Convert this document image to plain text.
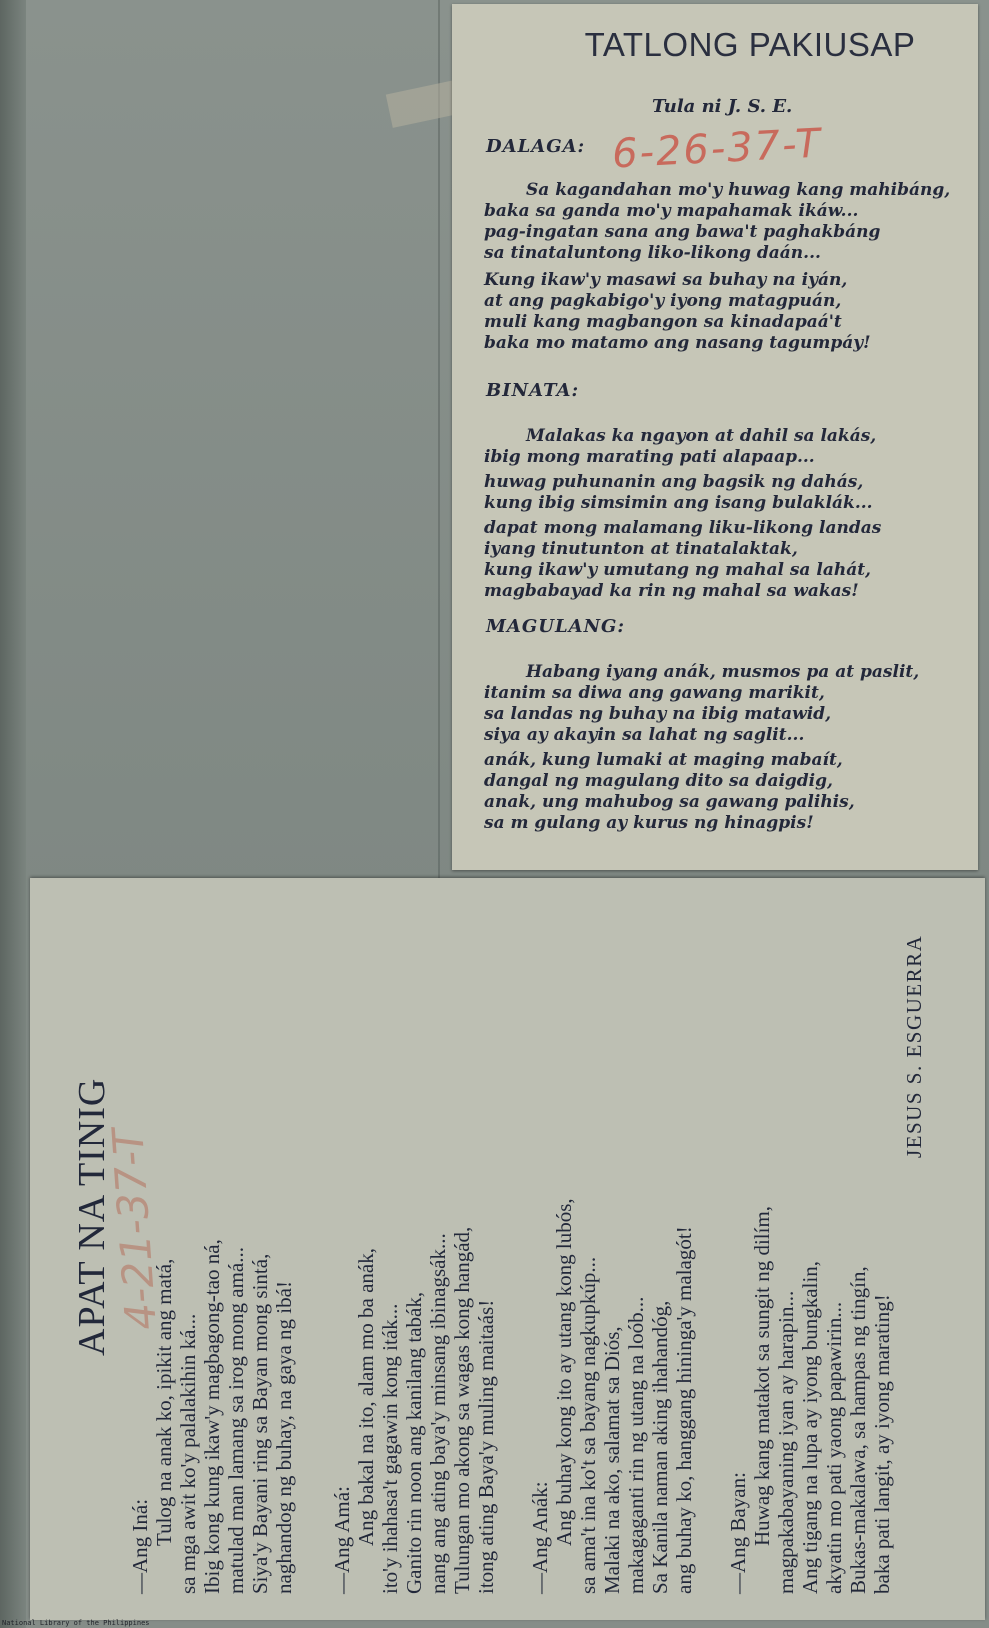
TATLONG PAKIUSAP
Tula ni J. S. E.
6-26-37-T
DALAGA:
Sa kagandahan mo'y huwag kang mahibáng,
baka sa ganda mo'y mapahamak ikáw...
pag-ingatan sana ang bawa't paghakbáng
sa tinataluntong liko-likong daán...
Kung ikaw'y masawi sa buhay na iyán,
at ang pagkabigo'y iyong matagpuán,
muli kang magbangon sa kinadapaá't
baka mo matamo ang nasang tagumpáy!
BINATA:
Malakas ka ngayon at dahil sa lakás,
ibig mong marating pati alapaap...
huwag puhunanin ang bagsik ng dahás,
kung ibig simsimin ang isang bulaklák...
dapat mong malamang liku-likong landas
iyang tinutunton at tinatalaktak,
kung ikaw'y umutang ng mahal sa lahát,
magbabayad ka rin ng mahal sa wakas!
MAGULANG:
Habang iyang anák, musmos pa at paslit,
itanim sa diwa ang gawang marikit,
sa landas ng buhay na ibig matawid,
siya ay akayin sa lahat ng saglit...
anák, kung lumaki at maging mabaít,
dangal ng magulang dito sa daigdig,
anak, ung mahubog sa gawang palihis,
sa m gulang ay kurus ng hinagpis!
APAT NA TINIG
4-21-37-T
—Ang Iná:
Tulog na anak ko, ipikit ang matá, sa mga awit ko'y palalakihin ká... Ibig kong kung ikaw'y magbagong-tao ná, matulad man lamang sa irog mong amá... Siya'y Bayani ring sa Bayan mong sintá, naghandog ng buhay, na gaya ng ibá! —Ang Amá: Ang bakal na ito, alam mo ba anák, ito'y ihahasa't gagawin kong iták... Ganito rin noon ang kanilang tabák, nang ang ating baya'y minsang ibinagsák... Tulungan mo akong sa wagas kong hangád, itong ating Baya'y muling maitaás! —Ang Anák: Ang buhay kong ito ay utang kong lubós, sa ama't ina ko't sa bayang nagkupkúp... Malaki na ako, salamat sa Diós, makagaganti rin ng utang na loób... Sa Kanila naman aking ihahandóg, ang buhay ko, hanggang hininga'y malagót! —Ang Bayan: Huwag kang matakot sa sungit ng dilím, magpakabayaning iyan ay harapin... Ang tigang na lupa ay iyong bungkalin, akyatin mo pati yaong papawirin... Bukas-makalawa, sa hampas ng tingín, baka pati langit, ay iyong marating!
JESUS S. ESGUERRA
National Library of the Philippines
